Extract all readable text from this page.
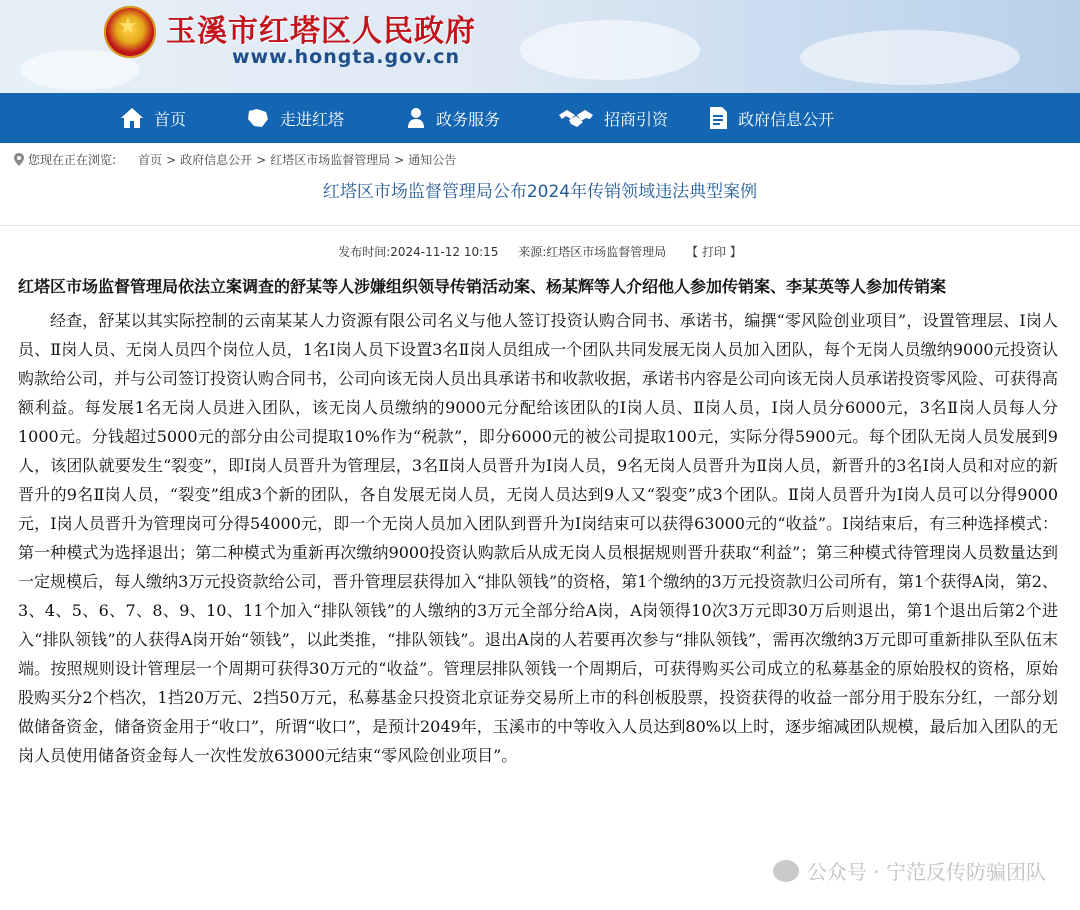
★ 玉溪市红塔区人民政府
www.hongta.gov.cn
首页	走进红塔	政务服务	招商引资	政府信息公开
您现在正在浏览: 首页 > 政府信息公开 > 红塔区市场监督管理局 > 通知公告
红塔区市场监督管理局公布2024年传销领域违法典型案例
发布时间:2024-11-12 10:15 来源:红塔区市场监督管理局 【 打印 】
红塔区市场监督管理局依法立案调查的舒某等人涉嫌组织领导传销活动案、杨某辉等人介绍他人参加传销案、李某英等人参加传销案
经查，舒某以其实际控制的云南某某人力资源有限公司名义与他人签订投资认购合同书、承诺书，编撰“零风险创业项目”，设置管理层、Ⅰ岗人员、Ⅱ岗人员、无岗人员四个岗位人员，1名Ⅰ岗人员下设置3名Ⅱ岗人员组成一个团队共同发展无岗人员加入团队，每个无岗人员缴纳9000元投资认购款给公司，并与公司签订投资认购合同书，公司向该无岗人员出具承诺书和收款收据，承诺书内容是公司向该无岗人员承诺投资零风险、可获得高额利益。每发展1名无岗人员进入团队，该无岗人员缴纳的9000元分配给该团队的Ⅰ岗人员、Ⅱ岗人员，Ⅰ岗人员分6000元，3名Ⅱ岗人员每人分1000元。分钱超过5000元的部分由公司提取10%作为“税款”，即分6000元的被公司提取100元，实际分得5900元。每个团队无岗人员发展到9人，该团队就要发生“裂变”，即Ⅰ岗人员晋升为管理层，3名Ⅱ岗人员晋升为Ⅰ岗人员，9名无岗人员晋升为Ⅱ岗人员，新晋升的3名Ⅰ岗人员和对应的新晋升的9名Ⅱ岗人员，“裂变”组成3个新的团队，各自发展无岗人员，无岗人员达到9人又“裂变”成3个团队。Ⅱ岗人员晋升为Ⅰ岗人员可以分得9000元，Ⅰ岗人员晋升为管理岗可分得54000元，即一个无岗人员加入团队到晋升为Ⅰ岗结束可以获得63000元的“收益”。Ⅰ岗结束后，有三种选择模式：第一种模式为选择退出；第二种模式为重新再次缴纳9000投资认购款后从成无岗人员根据规则晋升获取“利益”；第三种模式待管理岗人员数量达到一定规模后，每人缴纳3万元投资款给公司，晋升管理层获得加入“排队领钱”的资格，第1个缴纳的3万元投资款归公司所有，第1个获得A岗，第2、3、4、5、6、7、8、9、10、11个加入“排队领钱”的人缴纳的3万元全部分给A岗，A岗领得10次3万元即30万后则退出，第1个退出后第2个进入“排队领钱”的人获得A岗开始“领钱”，以此类推，“排队领钱”。退出A岗的人若要再次参与“排队领钱”，需再次缴纳3万元即可重新排队至队伍末端。按照规则设计管理层一个周期可获得30万元的“收益”。管理层排队领钱一个周期后，可获得购买公司成立的私募基金的原始股权的资格，原始股购买分2个档次，1挡20万元、2挡50万元，私募基金只投资北京证券交易所上市的科创板股票，投资获得的收益一部分用于股东分红，一部分划做储备资金，储备资金用于“收口”，所谓“收口”，是预计2049年，玉溪市的中等收入人员达到80%以上时，逐步缩减团队规模，最后加入团队的无岗人员使用储备资金每人一次性发放63000元结束“零风险创业项目”。
公众号 · 宁范反传防骗团队
